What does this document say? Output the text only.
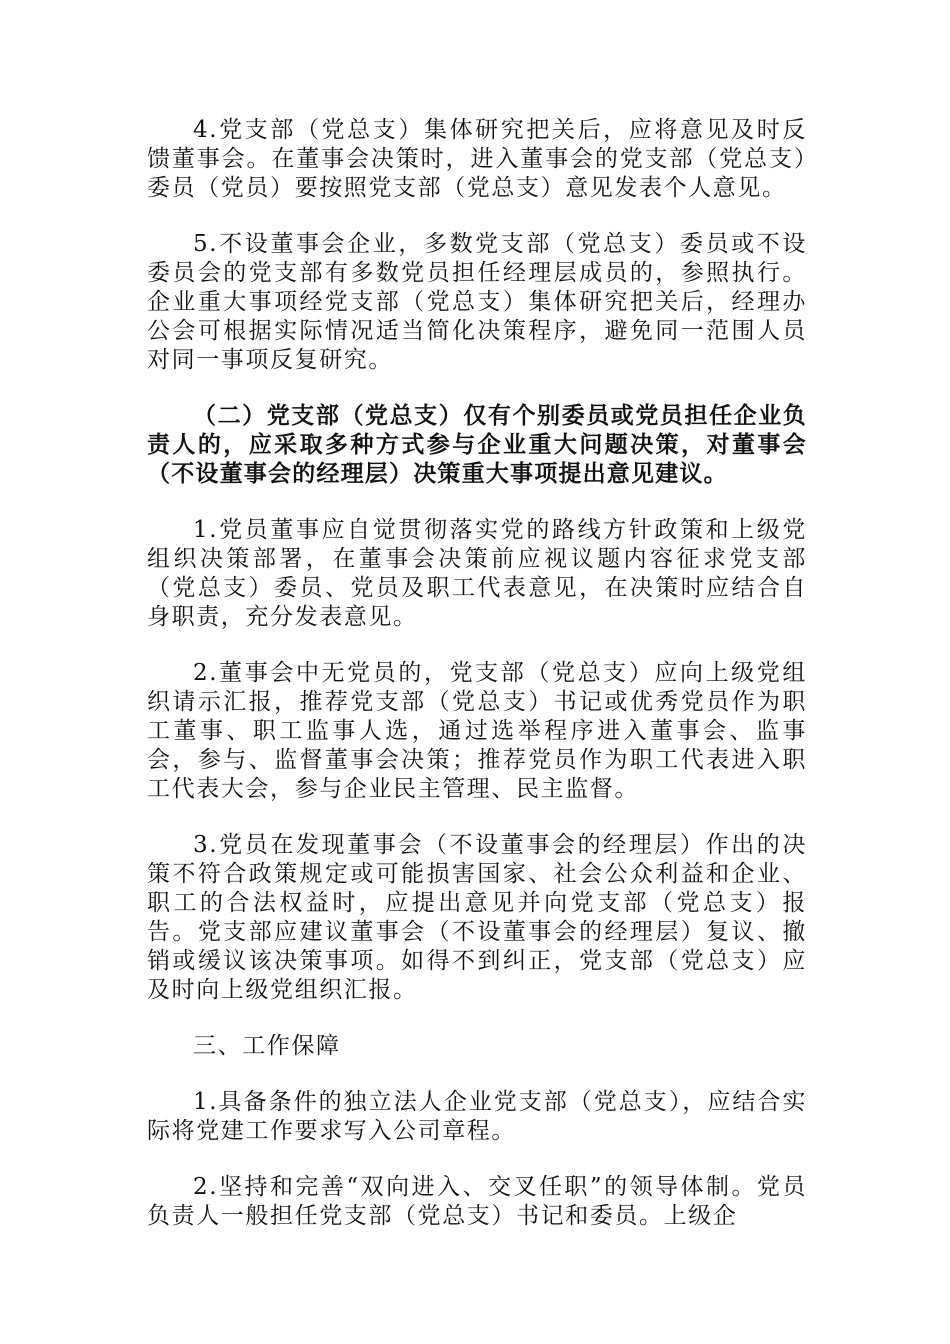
4.党支部（党总支）集体研究把关后，应将意见及时反馈董事会。在董事会决策时，进入董事会的党支部（党总支）委员（党员）要按照党支部（党总支）意见发表个人意见。

5.不设董事会企业，多数党支部（党总支）委员或不设委员会的党支部有多数党员担任经理层成员的，参照执行。企业重大事项经党支部（党总支）集体研究把关后，经理办公会可根据实际情况适当简化决策程序，避免同一范围人员对同一事项反复研究。

（二）党支部（党总支）仅有个别委员或党员担任企业负责人的，应采取多种方式参与企业重大问题决策，对董事会（不设董事会的经理层）决策重大事项提出意见建议。

1.党员董事应自觉贯彻落实党的路线方针政策和上级党组织决策部署，在董事会决策前应视议题内容征求党支部（党总支）委员、党员及职工代表意见，在决策时应结合自身职责，充分发表意见。

2.董事会中无党员的，党支部（党总支）应向上级党组织请示汇报，推荐党支部（党总支）书记或优秀党员作为职工董事、职工监事人选，通过选举程序进入董事会、监事会，参与、监督董事会决策；推荐党员作为职工代表进入职工代表大会，参与企业民主管理、民主监督。

3.党员在发现董事会（不设董事会的经理层）作出的决策不符合政策规定或可能损害国家、社会公众利益和企业、职工的合法权益时，应提出意见并向党支部（党总支）报告。党支部应建议董事会（不设董事会的经理层）复议、撤销或缓议该决策事项。如得不到纠正，党支部（党总支）应及时向上级党组织汇报。

三、工作保障

1.具备条件的独立法人企业党支部（党总支），应结合实际将党建工作要求写入公司章程。

2.坚持和完善“双向进入、交叉任职”的领导体制。党员负责人一般担任党支部（党总支）书记和委员。上级企
